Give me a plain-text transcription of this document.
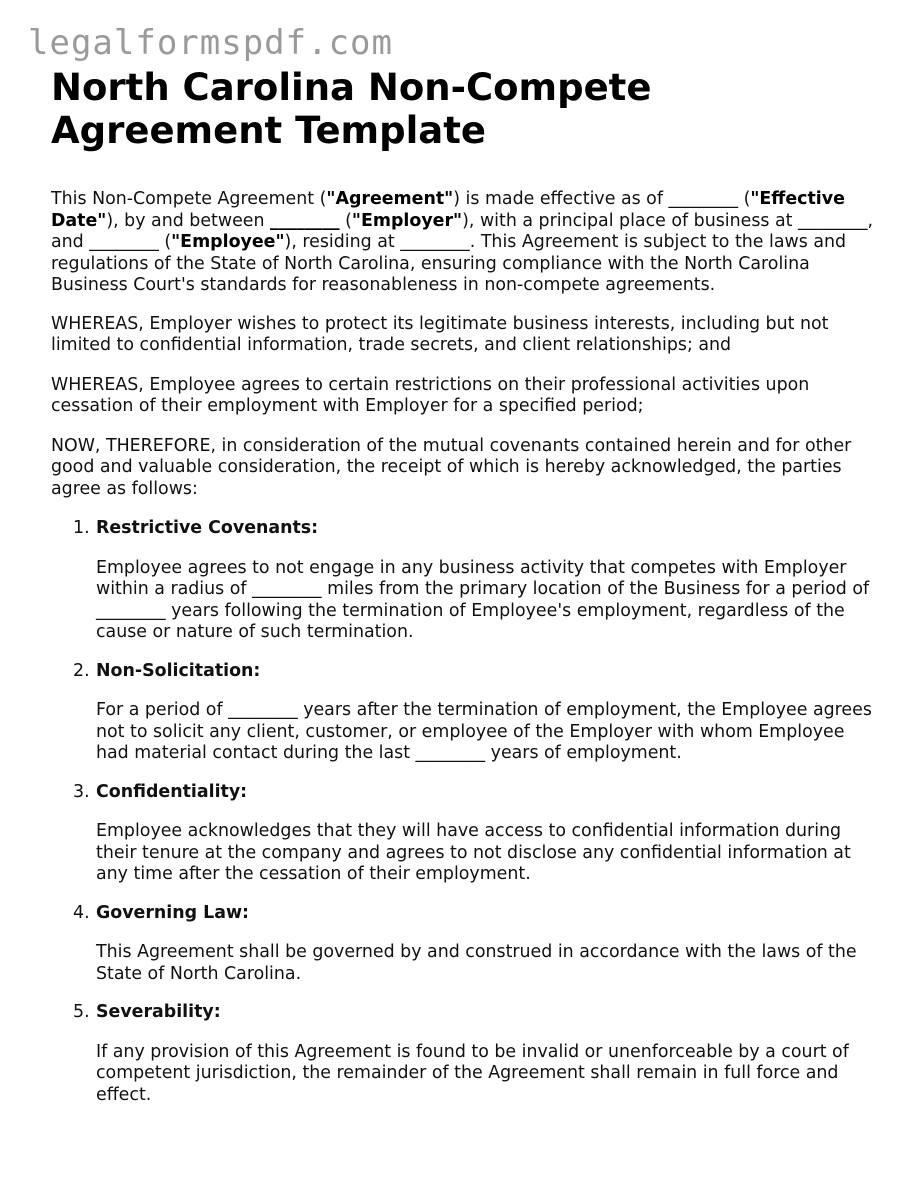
legalformspdf.com
North Carolina Non-Compete Agreement Template

This Non-Compete Agreement ("Agreement") is made effective as of ________ ("Effective Date"), by and between ________ ("Employer"), with a principal place of business at ________, and ________ ("Employee"), residing at ________. This Agreement is subject to the laws and regulations of the State of North Carolina, ensuring compliance with the North Carolina Business Court's standards for reasonableness in non-compete agreements.

WHEREAS, Employer wishes to protect its legitimate business interests, including but not limited to confidential information, trade secrets, and client relationships; and

WHEREAS, Employee agrees to certain restrictions on their professional activities upon cessation of their employment with Employer for a specified period;

NOW, THEREFORE, in consideration of the mutual covenants contained herein and for other good and valuable consideration, the receipt of which is hereby acknowledged, the parties agree as follows:

1. Restrictive Covenants:

Employee agrees to not engage in any business activity that competes with Employer within a radius of ________ miles from the primary location of the Business for a period of ________ years following the termination of Employee's employment, regardless of the cause or nature of such termination.

2. Non-Solicitation:

For a period of ________ years after the termination of employment, the Employee agrees not to solicit any client, customer, or employee of the Employer with whom Employee had material contact during the last ________ years of employment.

3. Confidentiality:

Employee acknowledges that they will have access to confidential information during their tenure at the company and agrees to not disclose any confidential information at any time after the cessation of their employment.

4. Governing Law:

This Agreement shall be governed by and construed in accordance with the laws of the State of North Carolina.

5. Severability:

If any provision of this Agreement is found to be invalid or unenforceable by a court of competent jurisdiction, the remainder of the Agreement shall remain in full force and effect.
